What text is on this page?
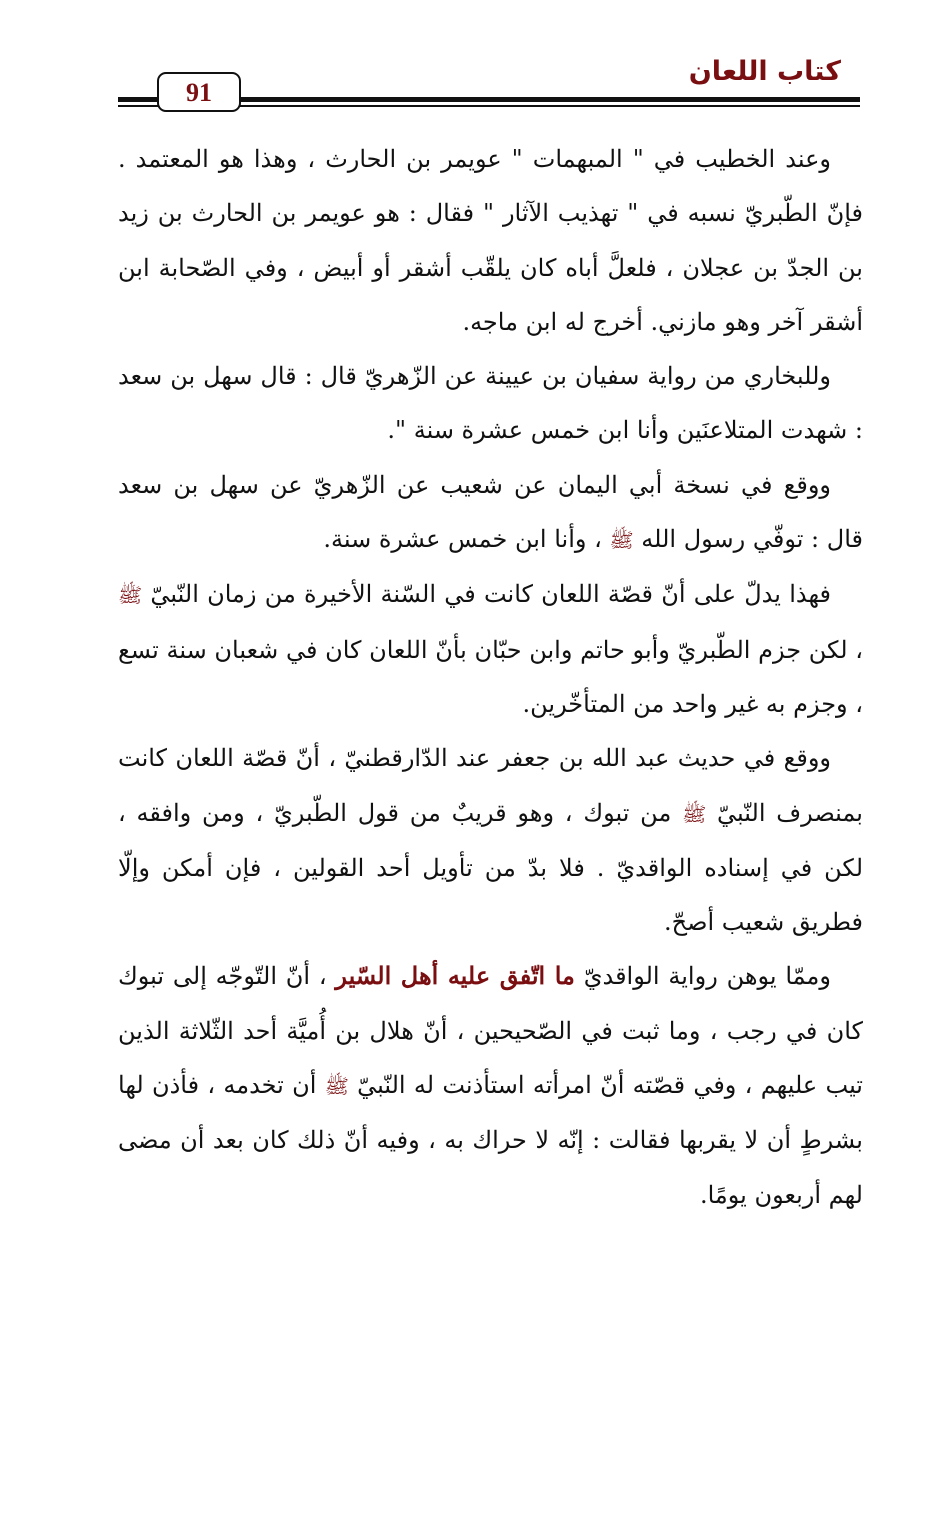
كتاب اللعان
91

وعند الخطيب في " المبهمات " عويمر بن الحارث ، وهذا هو المعتمد . فإنّ الطّبريّ نسبه في " تهذيب الآثار " فقال : هو عويمر بن الحارث بن زيد بن الجدّ بن عجلان ، فلعلَّ أباه كان يلقّب أشقر أو أبيض ، وفي الصّحابة ابن أشقر آخر وهو مازني. أخرج له ابن ماجه.

وللبخاري من رواية سفيان بن عيينة عن الزّهريّ قال : قال سهل بن سعد : شهدت المتلاعنَين وأنا ابن خمس عشرة سنة ".

ووقع في نسخة أبي اليمان عن شعيب عن الزّهريّ عن سهل بن سعد قال : توفّي رسول الله ﷺ ، وأنا ابن خمس عشرة سنة.

فهذا يدلّ على أنّ قصّة اللعان كانت في السّنة الأخيرة من زمان النّبيّ ﷺ ، لكن جزم الطّبريّ وأبو حاتم وابن حبّان بأنّ اللعان كان في شعبان سنة تسع ، وجزم به غير واحد من المتأخّرين.

ووقع في حديث عبد الله بن جعفر عند الدّارقطنيّ ، أنّ قصّة اللعان كانت بمنصرف النّبيّ ﷺ من تبوك ، وهو قريبٌ من قول الطّبريّ ، ومن وافقه ، لكن في إسناده الواقديّ . فلا بدّ من تأويل أحد القولين ، فإن أمكن وإلّا فطريق شعيب أصحّ.

وممّا يوهن رواية الواقديّ ما اتّفق عليه أهل السّير ، أنّ التّوجّه إلى تبوك كان في رجب ، وما ثبت في الصّحيحين ، أنّ هلال بن أُميَّة أحد الثّلاثة الذين تيب عليهم ، وفي قصّته أنّ امرأته استأذنت له النّبيّ ﷺ أن تخدمه ، فأذن لها بشرطٍ أن لا يقربها فقالت : إنّه لا حراك به ، وفيه أنّ ذلك كان بعد أن مضى لهم أربعون يومًا.
